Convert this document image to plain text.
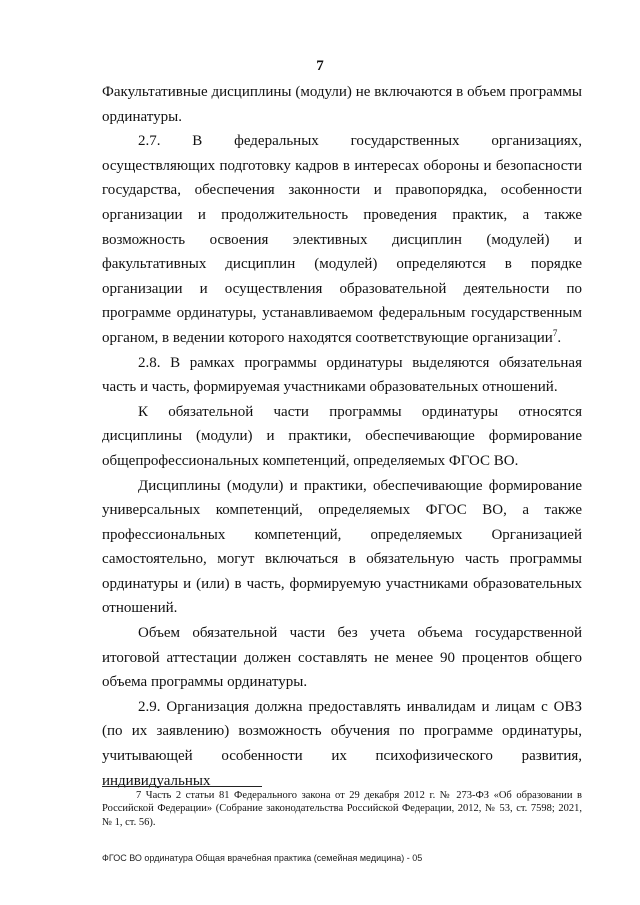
7

Факультативные дисциплины (модули) не включаются в объем программы ординатуры.

2.7. В федеральных государственных организациях, осуществляющих подготовку кадров в интересах обороны и безопасности государства, обеспечения законности и правопорядка, особенности организации и продолжительность проведения практик, а также возможность освоения элективных дисциплин (модулей) и факультативных дисциплин (модулей) определяются в порядке организации и осуществления образовательной деятельности по программе ординатуры, устанавливаемом федеральным государственным органом, в ведении которого находятся соответствующие организации$^7$.

2.8. В рамках программы ординатуры выделяются обязательная часть и часть, формируемая участниками образовательных отношений.

К обязательной части программы ординатуры относятся дисциплины (модули) и практики, обеспечивающие формирование общепрофессиональных компетенций, определяемых ФГОС ВО.

Дисциплины (модули) и практики, обеспечивающие формирование универсальных компетенций, определяемых ФГОС ВО, а также профессиональных компетенций, определяемых Организацией самостоятельно, могут включаться в обязательную часть программы ординатуры и (или) в часть, формируемую участниками образовательных отношений.

Объем обязательной части без учета объема государственной итоговой аттестации должен составлять не менее 90 процентов общего объема программы ординатуры.

2.9. Организация должна предоставлять инвалидам и лицам с ОВЗ (по их заявлению) возможность обучения по программе ординатуры, учитывающей особенности их психофизического развития, индивидуальных

7 Часть 2 статьи 81 Федерального закона от 29 декабря 2012 г. № 273-ФЗ «Об образовании в Российской Федерации» (Собрание законодательства Российской Федерации, 2012, № 53, ст. 7598; 2021, № 1, ст. 56).

ФГОС ВО ординатура Общая врачебная практика (семейная медицина) - 05
